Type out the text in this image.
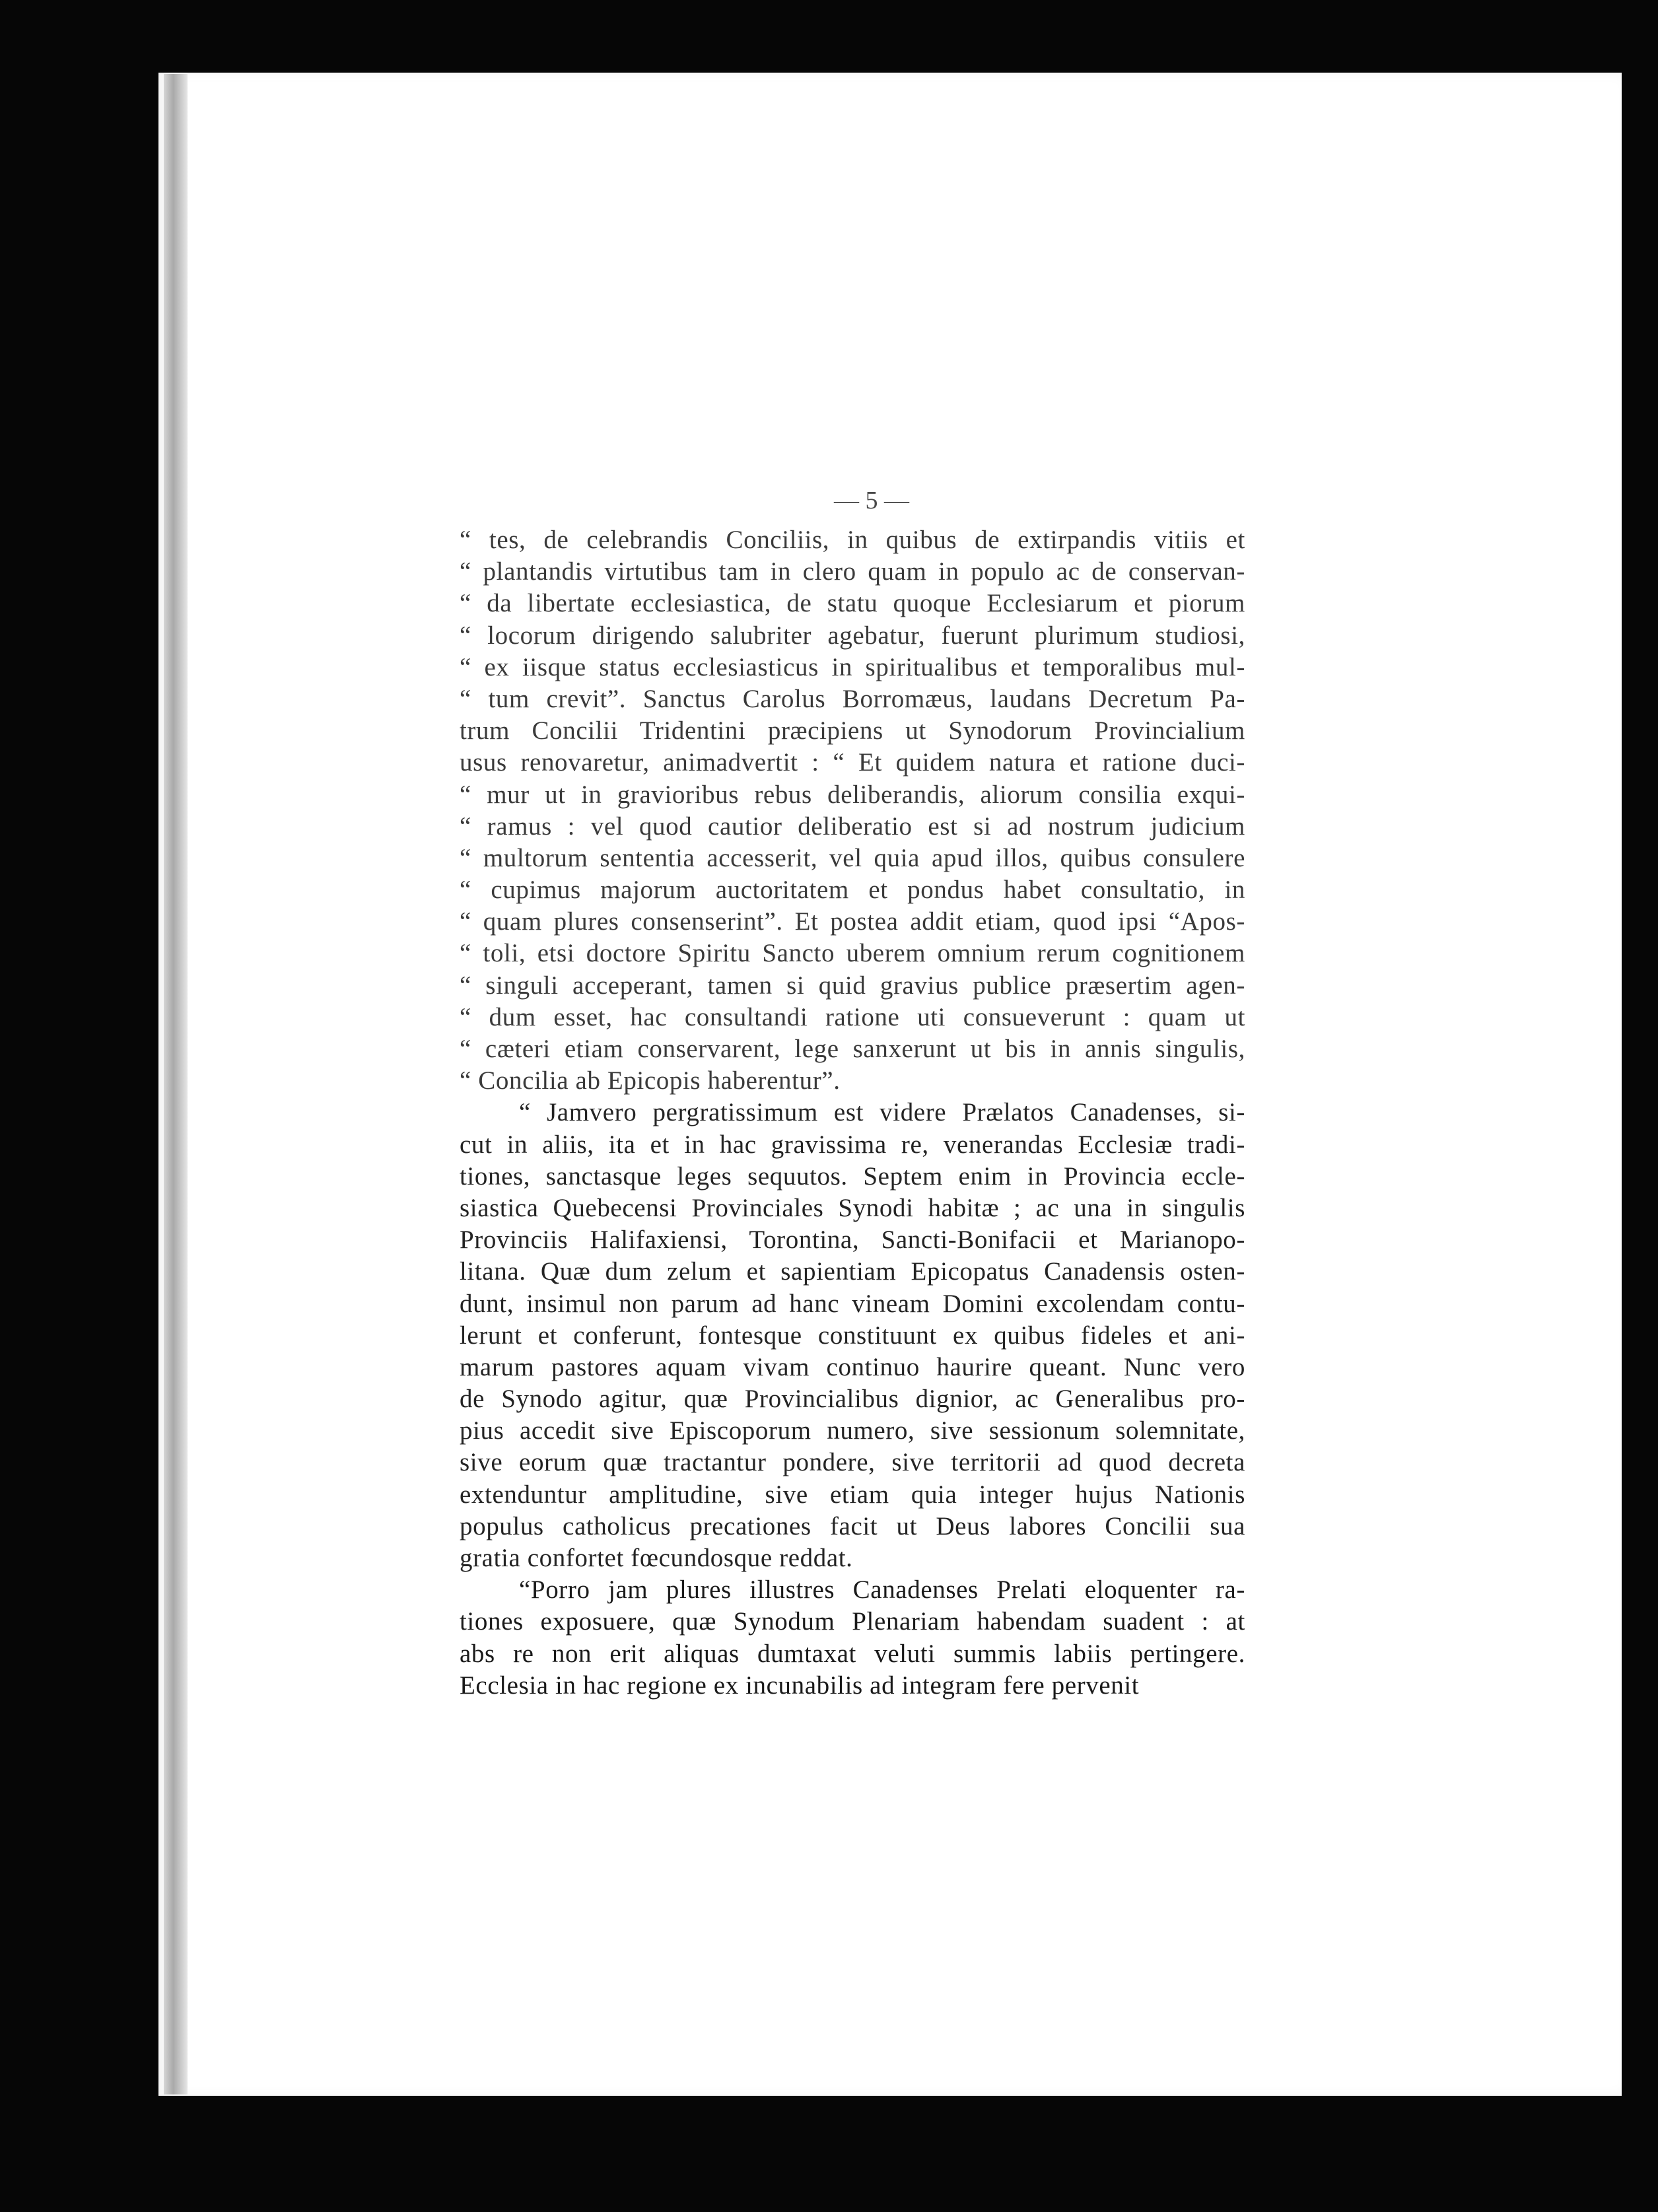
— 5 —
“ tes, de celebrandis Conciliis, in quibus de extirpandis vitiis et
“ plantandis virtutibus tam in clero quam in populo ac de conservan-
“ da libertate ecclesiastica, de statu quoque Ecclesiarum et piorum
“ locorum dirigendo salubriter agebatur, fuerunt plurimum studiosi,
“ ex iisque status ecclesiasticus in spiritualibus et temporalibus mul-
“ tum crevit”. Sanctus Carolus Borromæus, laudans Decretum Pa-
trum Concilii Tridentini præcipiens ut Synodorum Provincialium
usus renovaretur, animadvertit : “ Et quidem natura et ratione duci-
“ mur ut in gravioribus rebus deliberandis, aliorum consilia exqui-
“ ramus : vel quod cautior deliberatio est si ad nostrum judicium
“ multorum sententia accesserit, vel quia apud illos, quibus consulere
“ cupimus majorum auctoritatem et pondus habet consultatio, in
“ quam plures consenserint”. Et postea addit etiam, quod ipsi “Apos-
“ toli, etsi doctore Spiritu Sancto uberem omnium rerum cognitionem
“ singuli acceperant, tamen si quid gravius publice præsertim agen-
“ dum esset, hac consultandi ratione uti consueverunt : quam ut
“ cæteri etiam conservarent, lege sanxerunt ut bis in annis singulis,
“ Concilia ab Epicopis haberentur”.
“ Jamvero pergratissimum est videre Prælatos Canadenses, si-
cut in aliis, ita et in hac gravissima re, venerandas Ecclesiæ tradi-
tiones, sanctasque leges sequutos. Septem enim in Provincia eccle-
siastica Quebecensi Provinciales Synodi habitæ ; ac una in singulis
Provinciis Halifaxiensi, Torontina, Sancti-Bonifacii et Marianopo-
litana. Quæ dum zelum et sapientiam Epicopatus Canadensis osten-
dunt, insimul non parum ad hanc vineam Domini excolendam contu-
lerunt et conferunt, fontesque constituunt ex quibus fideles et ani-
marum pastores aquam vivam continuo haurire queant. Nunc vero
de Synodo agitur, quæ Provincialibus dignior, ac Generalibus pro-
pius accedit sive Episcoporum numero, sive sessionum solemnitate,
sive eorum quæ tractantur pondere, sive territorii ad quod decreta
extenduntur amplitudine, sive etiam quia integer hujus Nationis
populus catholicus precationes facit ut Deus labores Concilii sua
gratia confortet fœcundosque reddat.
“Porro jam plures illustres Canadenses Prelati eloquenter ra-
tiones exposuere, quæ Synodum Plenariam habendam suadent : at
abs re non erit aliquas dumtaxat veluti summis labiis pertingere.
Ecclesia in hac regione ex incunabilis ad integram fere pervenit
